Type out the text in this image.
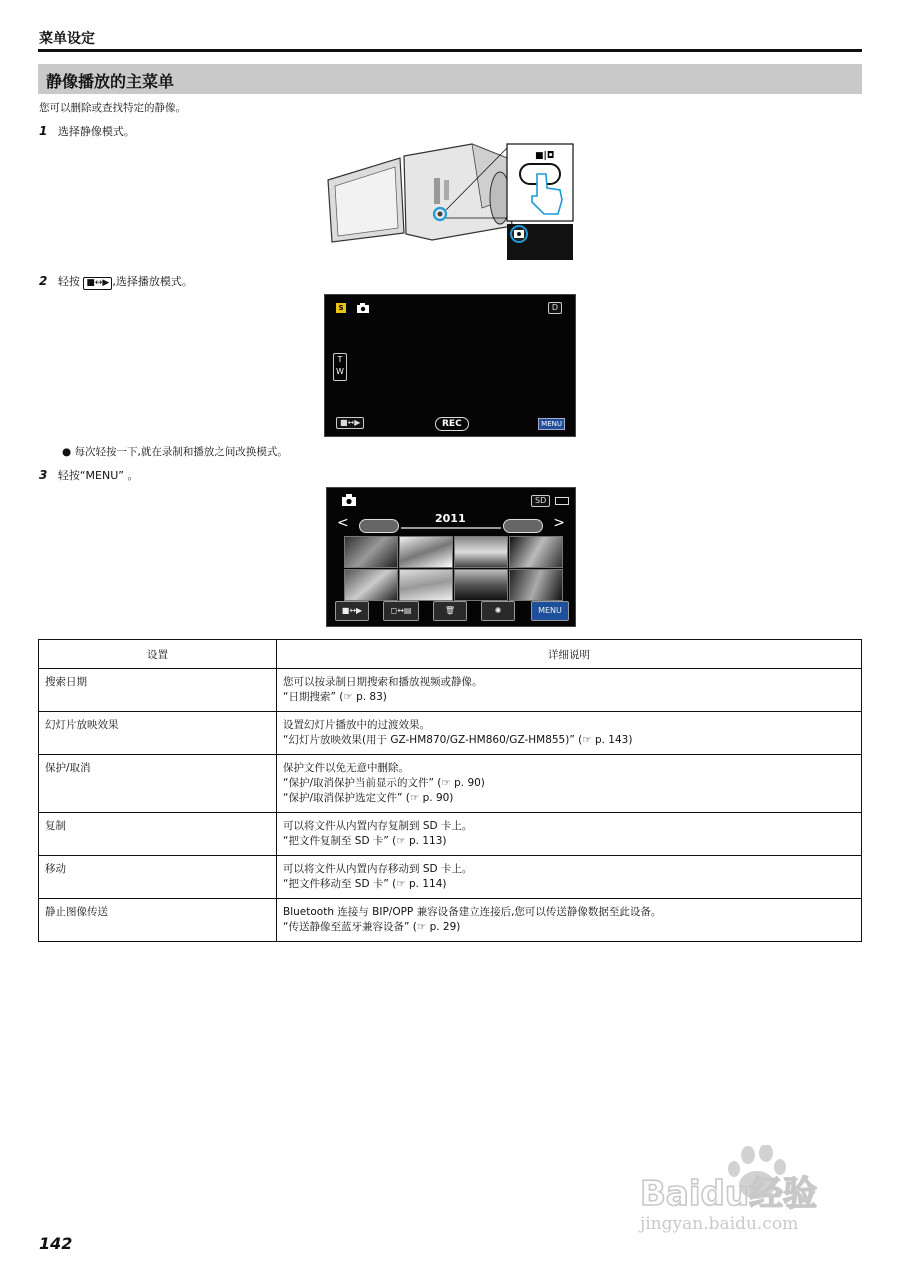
菜单设定
静像播放的主菜单
您可以删除或查找特定的静像。
1 选择静像模式。
■|◘
2 轻按 ■↔▶ ,选择播放模式。
S	D
T
W
■↔▶	REC	MENU
● 每次轻按一下,就在录制和播放之间改换模式。
3 轻按“MENU” 。
SD
<	>
2011
■↔▶	◻↔▤	🗑	✺	MENU
设置	详细说明
搜索日期	您可以按录制日期搜索和播放视频或静像。
“日期搜索” (☞ p. 83)

幻灯片放映效果	设置幻灯片播放中的过渡效果。
“幻灯片放映效果(用于 GZ-HM870/GZ-HM860/GZ-HM855)” (☞ p. 143)

保护/取消	保护文件以免无意中删除。
“保护/取消保护当前显示的文件” (☞ p. 90)
“保护/取消保护选定文件” (☞ p. 90)

复制	可以将文件从内置内存复制到 SD 卡上。
“把文件复制至 SD 卡” (☞ p. 113)

移动	可以将文件从内置内存移动到 SD 卡上。
“把文件移动至 SD 卡” (☞ p. 114)

静止图像传送	Bluetooth 连接与 BIP/OPP 兼容设备建立连接后,您可以传送静像数据至此设备。
“传送静像至蓝牙兼容设备” (☞ p. 29)
142
Baidu经验
jingyan.baidu.com
